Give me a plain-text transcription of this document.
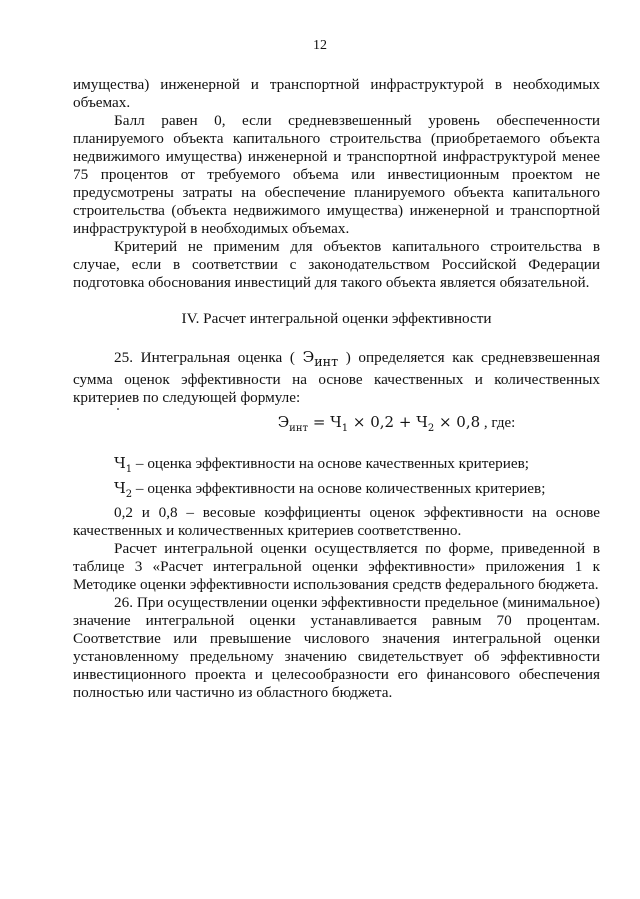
12

имущества) инженерной и транспортной инфраструктурой в необходимых объемах.

Балл равен 0, если средневзвешенный уровень обеспеченности планируемого объекта капитального строительства (приобретаемого объекта недвижимого имущества) инженерной и транспортной инфраструктурой менее 75 процентов от требуемого объема или инвестиционным проектом не предусмотрены затраты на обеспечение планируемого объекта капитального строительства (объекта недвижимого имущества) инженерной и транспортной инфраструктурой в необходимых объемах.

Критерий не применим для объектов капитального строительства в случае, если в соответствии с законодательством Российской Федерации подготовка обоснования инвестиций для такого объекта является обязательной.

IV. Расчет интегральной оценки эффективности

25. Интегральная оценка ( $Э_{инт}$ ) определяется как средневзвешенная сумма оценок эффективности на основе качественных и количественных критериев по следующей формуле:

$Э_{инт} = Ч_1 \times 0,2 + Ч_2 \times 0,8$ , где:

$Ч_1$ – оценка эффективности на основе качественных критериев;

$Ч_2$ – оценка эффективности на основе количественных критериев;

0,2 и 0,8 – весовые коэффициенты оценок эффективности на основе качественных и количественных критериев соответственно.

Расчет интегральной оценки осуществляется по форме, приведенной в таблице 3 «Расчет интегральной оценки эффективности» приложения 1 к Методике оценки эффективности использования средств федерального бюджета.

26. При осуществлении оценки эффективности предельное (минимальное) значение интегральной оценки устанавливается равным 70 процентам. Соответствие или превышение числового значения интегральной оценки установленному предельному значению свидетельствует об эффективности инвестиционного проекта и целесообразности его финансового обеспечения полностью или частично из областного бюджета.
